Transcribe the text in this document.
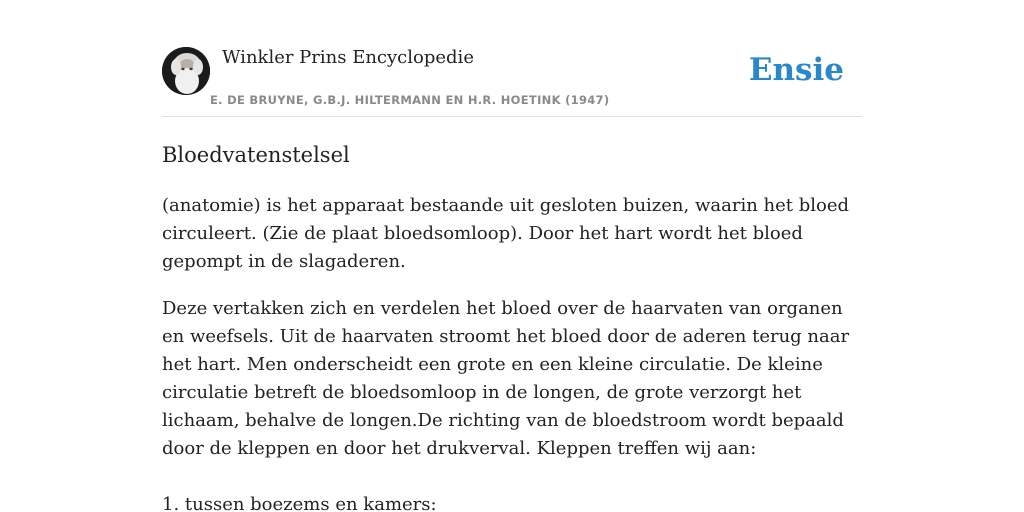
Winkler Prins Encyclopedie
E. DE BRUYNE, G.B.J. HILTERMANN EN H.R. HOETINK (1947)
Ensie
Bloedvatenstelsel

(anatomie) is het apparaat bestaande uit gesloten buizen, waarin het bloed circuleert. (Zie de plaat bloedsomloop). Door het hart wordt het bloed gepompt in de slagaderen.

Deze vertakken zich en verdelen het bloed over de haarvaten van organen en weefsels. Uit de haarvaten stroomt het bloed door de aderen terug naar het hart. Men onderscheidt een grote en een kleine circulatie. De kleine circulatie betreft de bloedsomloop in de longen, de grote verzorgt het lichaam, behalve de longen.De richting van de bloedstroom wordt bepaald door de kleppen en door het drukverval. Kleppen treffen wij aan:

1. tussen boezems en kamers:
